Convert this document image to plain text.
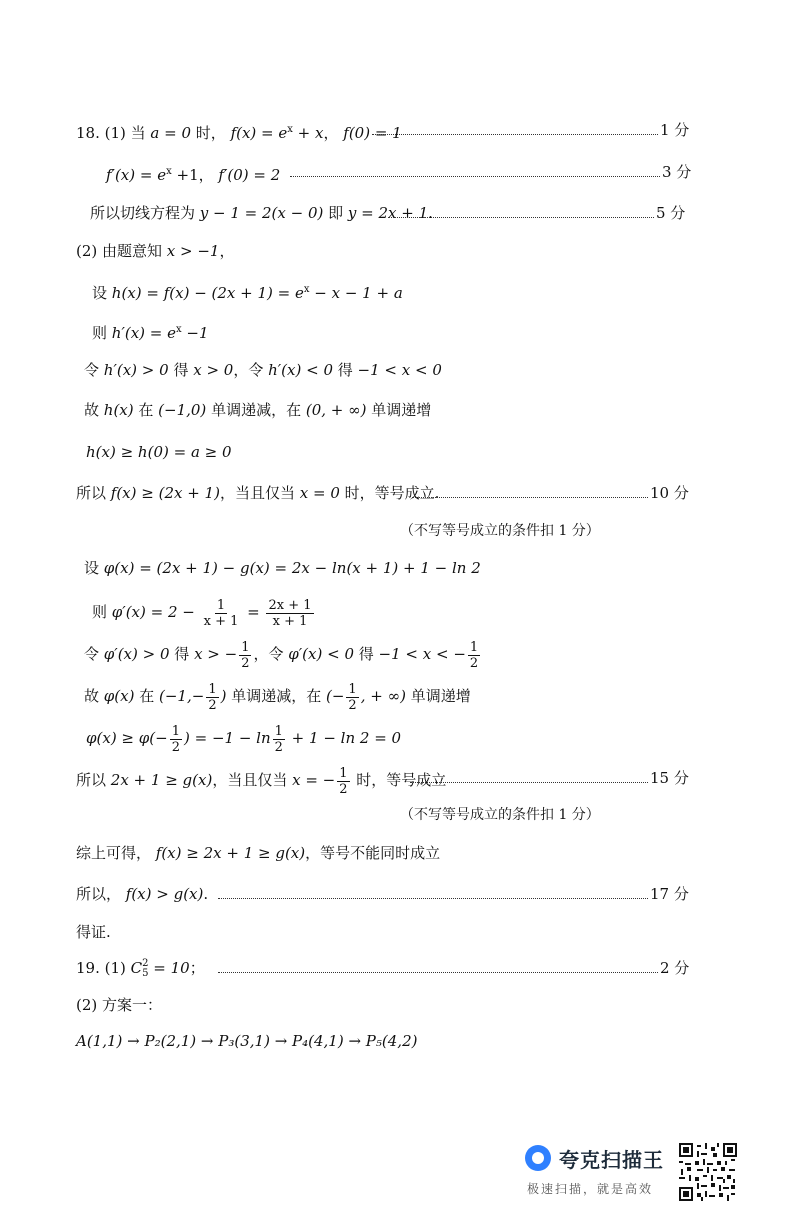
18. (1) 当 a = 0 时， $f(x) = e^x + x$， f(0) = 1	1 分
$f'(x) = e^x +1$， f′(0) = 2	3 分
所以切线方程为 y − 1 = 2(x − 0) 即 y = 2x + 1.	5 分
(2) 由题意知 x > −1，
设 $h(x) = f(x) - (2x + 1) = e^x - x - 1 + a$
则 $h'(x) = e^x -1$
令 h′(x) > 0 得 x > 0，令 h′(x) < 0 得 −1 < x < 0
故 h(x) 在 (−1,0) 单调递减，在 (0, + ∞) 单调递增
h(x) ≥ h(0) = a ≥ 0
所以 f(x) ≥ (2x + 1)，当且仅当 x = 0 时，等号成立.	10 分
（不写等号成立的条件扣 1 分）
设 φ(x) = (2x + 1) − g(x) = 2x − ln(x + 1) + 1 − ln 2
则 $\varphi'(x) = 2 - \frac{1}{x + 1} = \frac{2x + 1}{x + 1}$
令 φ′(x) > 0 得 x > − $\frac{1}{2}$ ，令 φ′(x) < 0 得 −1 < x < − $\frac{1}{2}$
故 φ(x) 在 ($-1,- \frac{1}{2}$ ) 单调递减，在 (− $\frac{1}{2}$ , + ∞) 单调递增
$\varphi(x) \ge \varphi(- \frac{1}{2}$ ) = $-1 - \ln \frac{1}{2} + 1 - \ln 2 = 0$
所以 2x + 1 ≥ g(x)，当且仅当 x = − $\frac{1}{2}$ 时，等号成立	15 分
（不写等号成立的条件扣 1 分）
综上可得， f(x) ≥ 2x + 1 ≥ g(x)，等号不能同时成立
所以， f(x) > g(x).	17 分
得证.
19. (1) C 2
5 = 10；	2 分
(2) 方案一：
A(1,1) → P₂(2,1) → P₃(3,1) → P₄(4,1) → P₅(4,2)
夸克扫描王
极速扫描，就是高效
